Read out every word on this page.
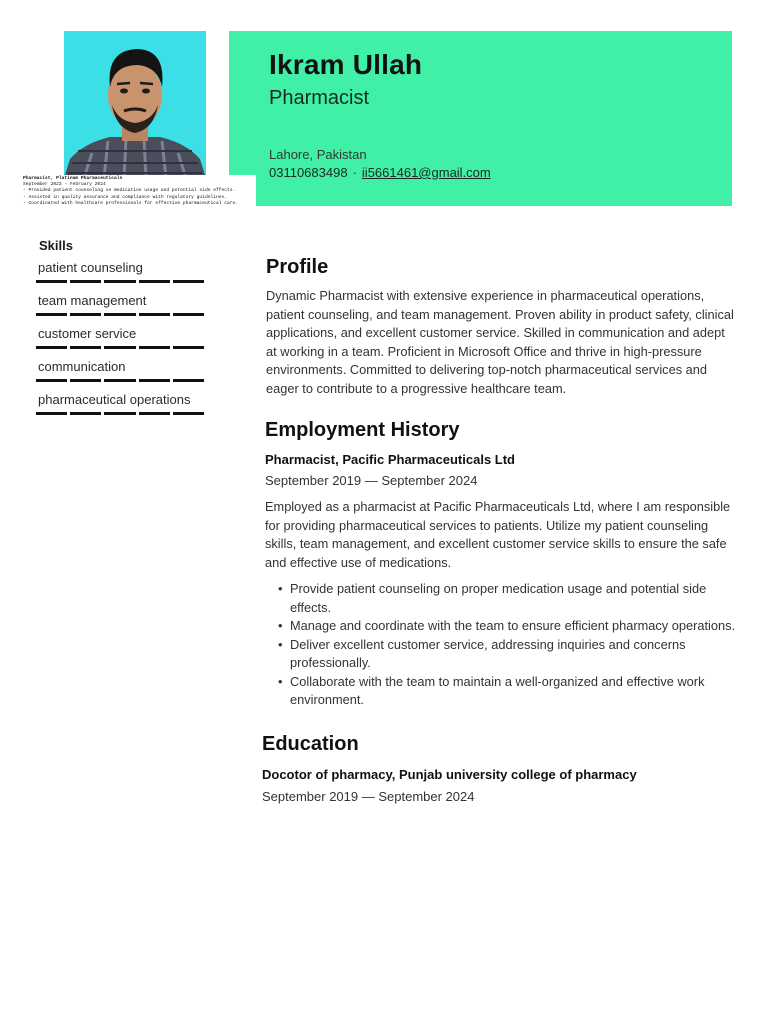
Ikram Ullah
Pharmacist
Lahore, Pakistan
03110683498 · ii5661461@gmail.com
Pharmacist, Platinum Pharmaceuticals
September 2023 - February 2024
- Provided patient counseling on medication usage and potential side effects.
- Assisted in quality assurance and compliance with regulatory guidelines.
- Coordinated with healthcare professionals for effective pharmaceutical care.
Skills
patient counseling
team management
customer service
communication
pharmaceutical operations
Profile

Dynamic Pharmacist with extensive experience in pharmaceutical operations, patient counseling, and team management. Proven ability in product safety, clinical applications, and excellent customer service. Skilled in communication and adept at working in a team. Proficient in Microsoft Office and thrive in high-pressure environments. Committed to delivering top-notch pharmaceutical services and eager to contribute to a progressive healthcare team.

Employment History
Pharmacist, Pacific Pharmaceuticals Ltd
September 2019 — September 2024

Employed as a pharmacist at Pacific Pharmaceuticals Ltd, where I am responsible for providing pharmaceutical services to patients. Utilize my patient counseling skills, team management, and excellent customer service skills to ensure the safe and effective use of medications.

• Provide patient counseling on proper medication usage and potential side effects.
• Manage and coordinate with the team to ensure efficient pharmacy operations.
• Deliver excellent customer service, addressing inquiries and concerns professionally.
• Collaborate with the team to maintain a well-organized and effective work environment.
Education
Docotor of pharmacy, Punjab university college of pharmacy
September 2019 — September 2024
